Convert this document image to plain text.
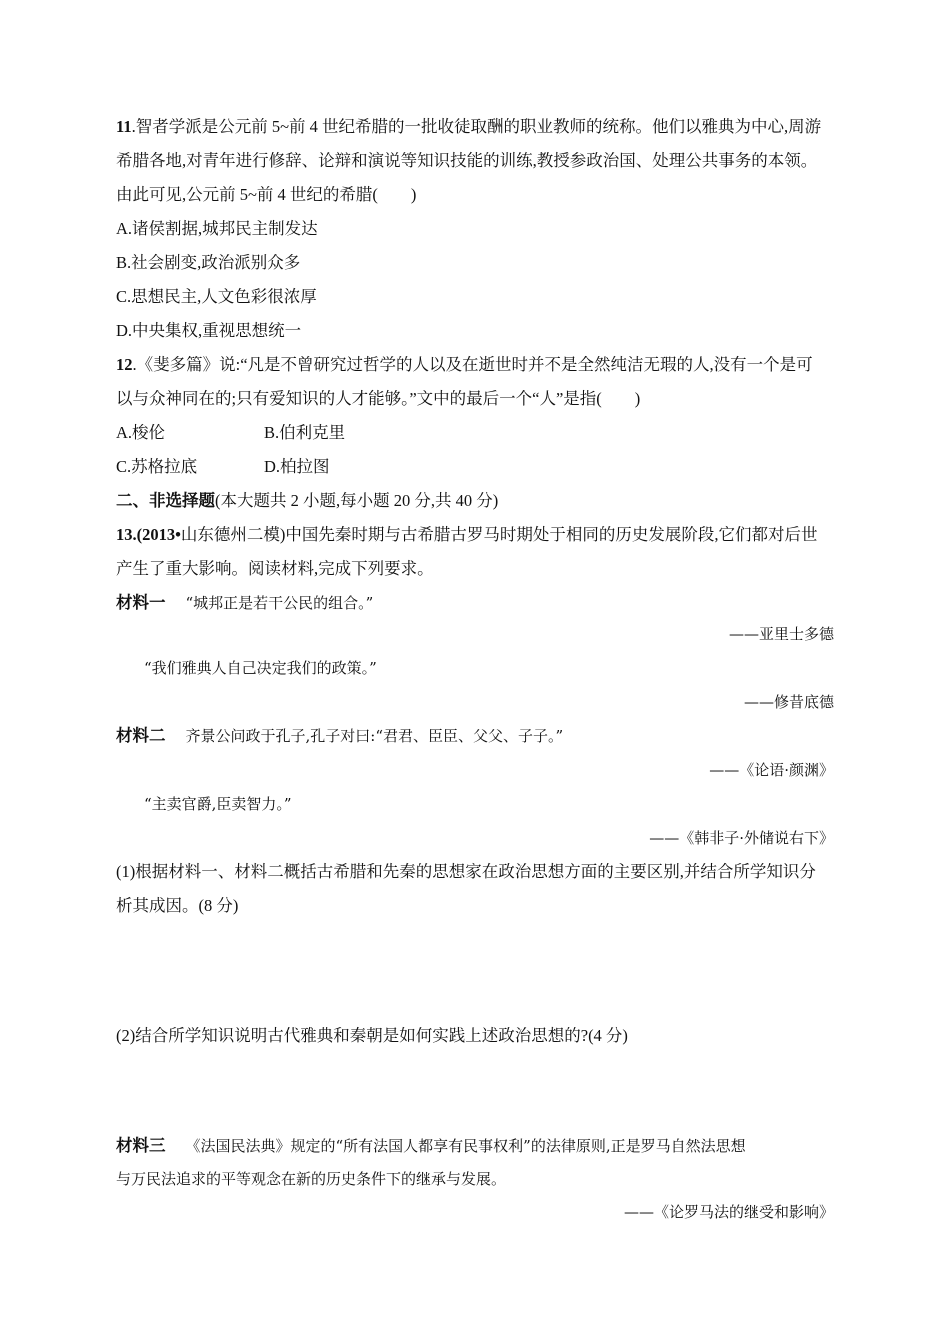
11.智者学派是公元前 5~前 4 世纪希腊的一批收徒取酬的职业教师的统称。他们以雅典为中心,周游
希腊各地,对青年进行修辞、论辩和演说等知识技能的训练,教授参政治国、处理公共事务的本领。
由此可见,公元前 5~前 4 世纪的希腊(　　)
A.诸侯割据,城邦民主制发达
B.社会剧变,政治派别众多
C.思想民主,人文色彩很浓厚
D.中央集权,重视思想统一
12.《斐多篇》说:“凡是不曾研究过哲学的人以及在逝世时并不是全然纯洁无瑕的人,没有一个是可
以与众神同在的;只有爱知识的人才能够。”文中的最后一个“人”是指(　　)
A.梭伦	B.伯利克里
C.苏格拉底	D.柏拉图
二、非选择题(本大题共 2 小题,每小题 20 分,共 40 分)
13.(2013•山东德州二模)中国先秦时期与古希腊古罗马时期处于相同的历史发展阶段,它们都对后世
产生了重大影响。阅读材料,完成下列要求。
材料一 “城邦正是若干公民的组合。”
——亚里士多德
“我们雅典人自己决定我们的政策。”
——修昔底德
材料二 齐景公问政于孔子,孔子对曰:“君君、臣臣、父父、子子。”
——《论语·颜渊》
“主卖官爵,臣卖智力。”
——《韩非子·外储说右下》
(1)根据材料一、材料二概括古希腊和先秦的思想家在政治思想方面的主要区别,并结合所学知识分
析其成因。(8 分)
(2)结合所学知识说明古代雅典和秦朝是如何实践上述政治思想的?(4 分)
材料三 《法国民法典》规定的“所有法国人都享有民事权利”的法律原则,正是罗马自然法思想
与万民法追求的平等观念在新的历史条件下的继承与发展。
——《论罗马法的继受和影响》
